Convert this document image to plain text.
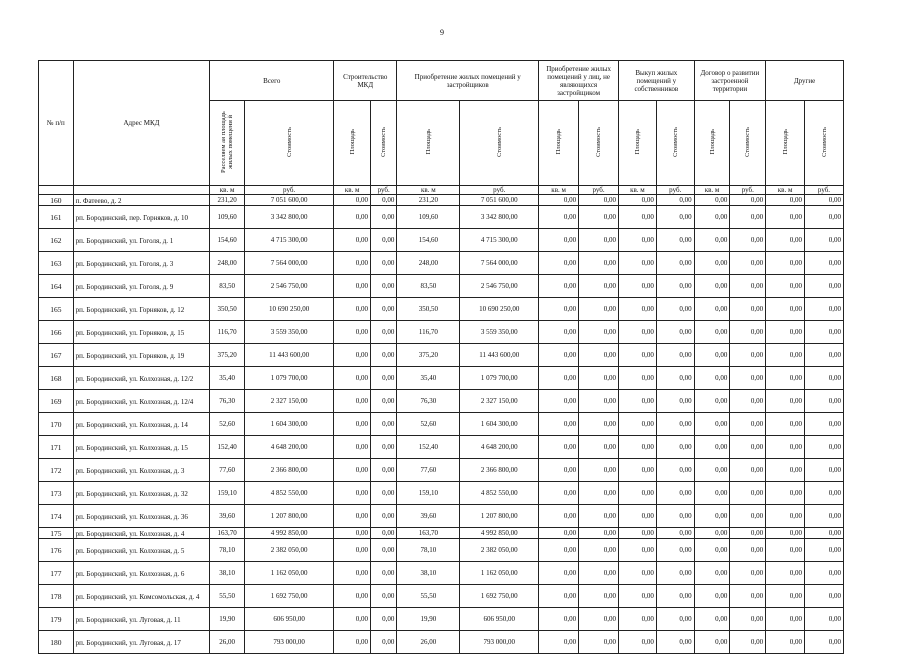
9
№ п/п	Адрес МКД	Всего		Строительство МКД		Приобретение жилых помещений у застройщиков		Приобретение жилых помещений у лиц, не являющихся застройщиком		Выкуп жилых помещений у собственников		Договор о развитии застроенной территории		Другие	
		Расселяем ая площадь жилых помещени й	Стоимость	Площадь	Стоимость	Площадь	Стоимость	Площадь	Стоимость	Площадь	Стоимость	Площадь	Стоимость	Площадь	Стоимость
		кв. м	руб.	кв. м	руб.	кв. м	руб.	кв. м	руб.	кв. м	руб.	кв. м	руб.	кв. м	руб.
160	п. Фатеево, д. 2	231,20	7 051 600,00	0,00	0,00	231,20	7 051 600,00	0,00	0,00	0,00	0,00	0,00	0,00	0,00	0,00
161	рп. Бородинский, пер. Горняков, д. 10	109,60	3 342 800,00	0,00	0,00	109,60	3 342 800,00	0,00	0,00	0,00	0,00	0,00	0,00	0,00	0,00
162	рп. Бородинский, ул. Гоголя, д. 1	154,60	4 715 300,00	0,00	0,00	154,60	4 715 300,00	0,00	0,00	0,00	0,00	0,00	0,00	0,00	0,00
163	рп. Бородинский, ул. Гоголя, д. 3	248,00	7 564 000,00	0,00	0,00	248,00	7 564 000,00	0,00	0,00	0,00	0,00	0,00	0,00	0,00	0,00
164	рп. Бородинский, ул. Гоголя, д. 9	83,50	2 546 750,00	0,00	0,00	83,50	2 546 750,00	0,00	0,00	0,00	0,00	0,00	0,00	0,00	0,00
165	рп. Бородинский, ул. Горняков, д. 12	350,50	10 690 250,00	0,00	0,00	350,50	10 690 250,00	0,00	0,00	0,00	0,00	0,00	0,00	0,00	0,00
166	рп. Бородинский, ул. Горняков, д. 15	116,70	3 559 350,00	0,00	0,00	116,70	3 559 350,00	0,00	0,00	0,00	0,00	0,00	0,00	0,00	0,00
167	рп. Бородинский, ул. Горняков, д. 19	375,20	11 443 600,00	0,00	0,00	375,20	11 443 600,00	0,00	0,00	0,00	0,00	0,00	0,00	0,00	0,00
168	рп. Бородинский, ул. Колхозная, д. 12/2	35,40	1 079 700,00	0,00	0,00	35,40	1 079 700,00	0,00	0,00	0,00	0,00	0,00	0,00	0,00	0,00
169	рп. Бородинский, ул. Колхозная, д. 12/4	76,30	2 327 150,00	0,00	0,00	76,30	2 327 150,00	0,00	0,00	0,00	0,00	0,00	0,00	0,00	0,00
170	рп. Бородинский, ул. Колхозная, д. 14	52,60	1 604 300,00	0,00	0,00	52,60	1 604 300,00	0,00	0,00	0,00	0,00	0,00	0,00	0,00	0,00
171	рп. Бородинский, ул. Колхозная, д. 15	152,40	4 648 200,00	0,00	0,00	152,40	4 648 200,00	0,00	0,00	0,00	0,00	0,00	0,00	0,00	0,00
172	рп. Бородинский, ул. Колхозная, д. 3	77,60	2 366 800,00	0,00	0,00	77,60	2 366 800,00	0,00	0,00	0,00	0,00	0,00	0,00	0,00	0,00
173	рп. Бородинский, ул. Колхозная, д. 32	159,10	4 852 550,00	0,00	0,00	159,10	4 852 550,00	0,00	0,00	0,00	0,00	0,00	0,00	0,00	0,00
174	рп. Бородинский, ул. Колхозная, д. 36	39,60	1 207 800,00	0,00	0,00	39,60	1 207 800,00	0,00	0,00	0,00	0,00	0,00	0,00	0,00	0,00
175	рп. Бородинский, ул. Колхозная, д. 4	163,70	4 992 850,00	0,00	0,00	163,70	4 992 850,00	0,00	0,00	0,00	0,00	0,00	0,00	0,00	0,00
176	рп. Бородинский, ул. Колхозная, д. 5	78,10	2 382 050,00	0,00	0,00	78,10	2 382 050,00	0,00	0,00	0,00	0,00	0,00	0,00	0,00	0,00
177	рп. Бородинский, ул. Колхозная, д. 6	38,10	1 162 050,00	0,00	0,00	38,10	1 162 050,00	0,00	0,00	0,00	0,00	0,00	0,00	0,00	0,00
178	рп. Бородинский, ул. Комсомольская, д. 4	55,50	1 692 750,00	0,00	0,00	55,50	1 692 750,00	0,00	0,00	0,00	0,00	0,00	0,00	0,00	0,00
179	рп. Бородинский, ул. Луговая, д. 11	19,90	606 950,00	0,00	0,00	19,90	606 950,00	0,00	0,00	0,00	0,00	0,00	0,00	0,00	0,00
180	рп. Бородинский, ул. Луговая, д. 17	26,00	793 000,00	0,00	0,00	26,00	793 000,00	0,00	0,00	0,00	0,00	0,00	0,00	0,00	0,00
